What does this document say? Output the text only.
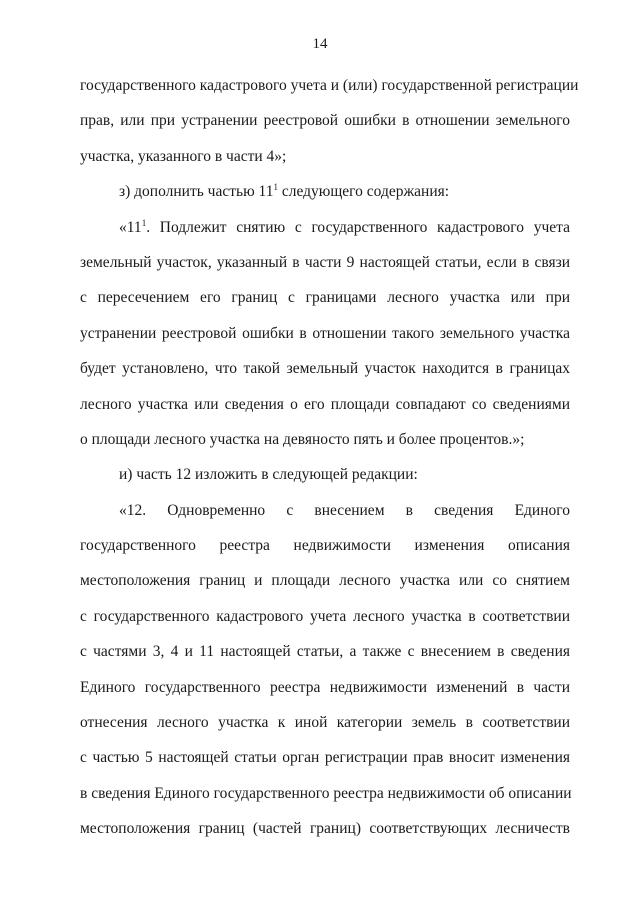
14
государственного кадастрового учета и (или) государственной регистрации
прав, или при устранении реестровой ошибки в отношении земельного
участка, указанного в части 4»;
з) дополнить частью $11^1$ следующего содержания:
«$11^1$. Подлежит снятию с государственного кадастрового учета
земельный участок, указанный в части 9 настоящей статьи, если в связи
с пересечением его границ с границами лесного участка или при
устранении реестровой ошибки в отношении такого земельного участка
будет установлено, что такой земельный участок находится в границах
лесного участка или сведения о его площади совпадают со сведениями
о площади лесного участка на девяносто пять и более процентов.»;
и) часть 12 изложить в следующей редакции:
«12. Одновременно с внесением в сведения Единого
государственного реестра недвижимости изменения описания
местоположения границ и площади лесного участка или со снятием
с государственного кадастрового учета лесного участка в соответствии
с частями 3, 4 и 11 настоящей статьи, а также с внесением в сведения
Единого государственного реестра недвижимости изменений в части
отнесения лесного участка к иной категории земель в соответствии
с частью 5 настоящей статьи орган регистрации прав вносит изменения
в сведения Единого государственного реестра недвижимости об описании
местоположения границ (частей границ) соответствующих лесничеств
